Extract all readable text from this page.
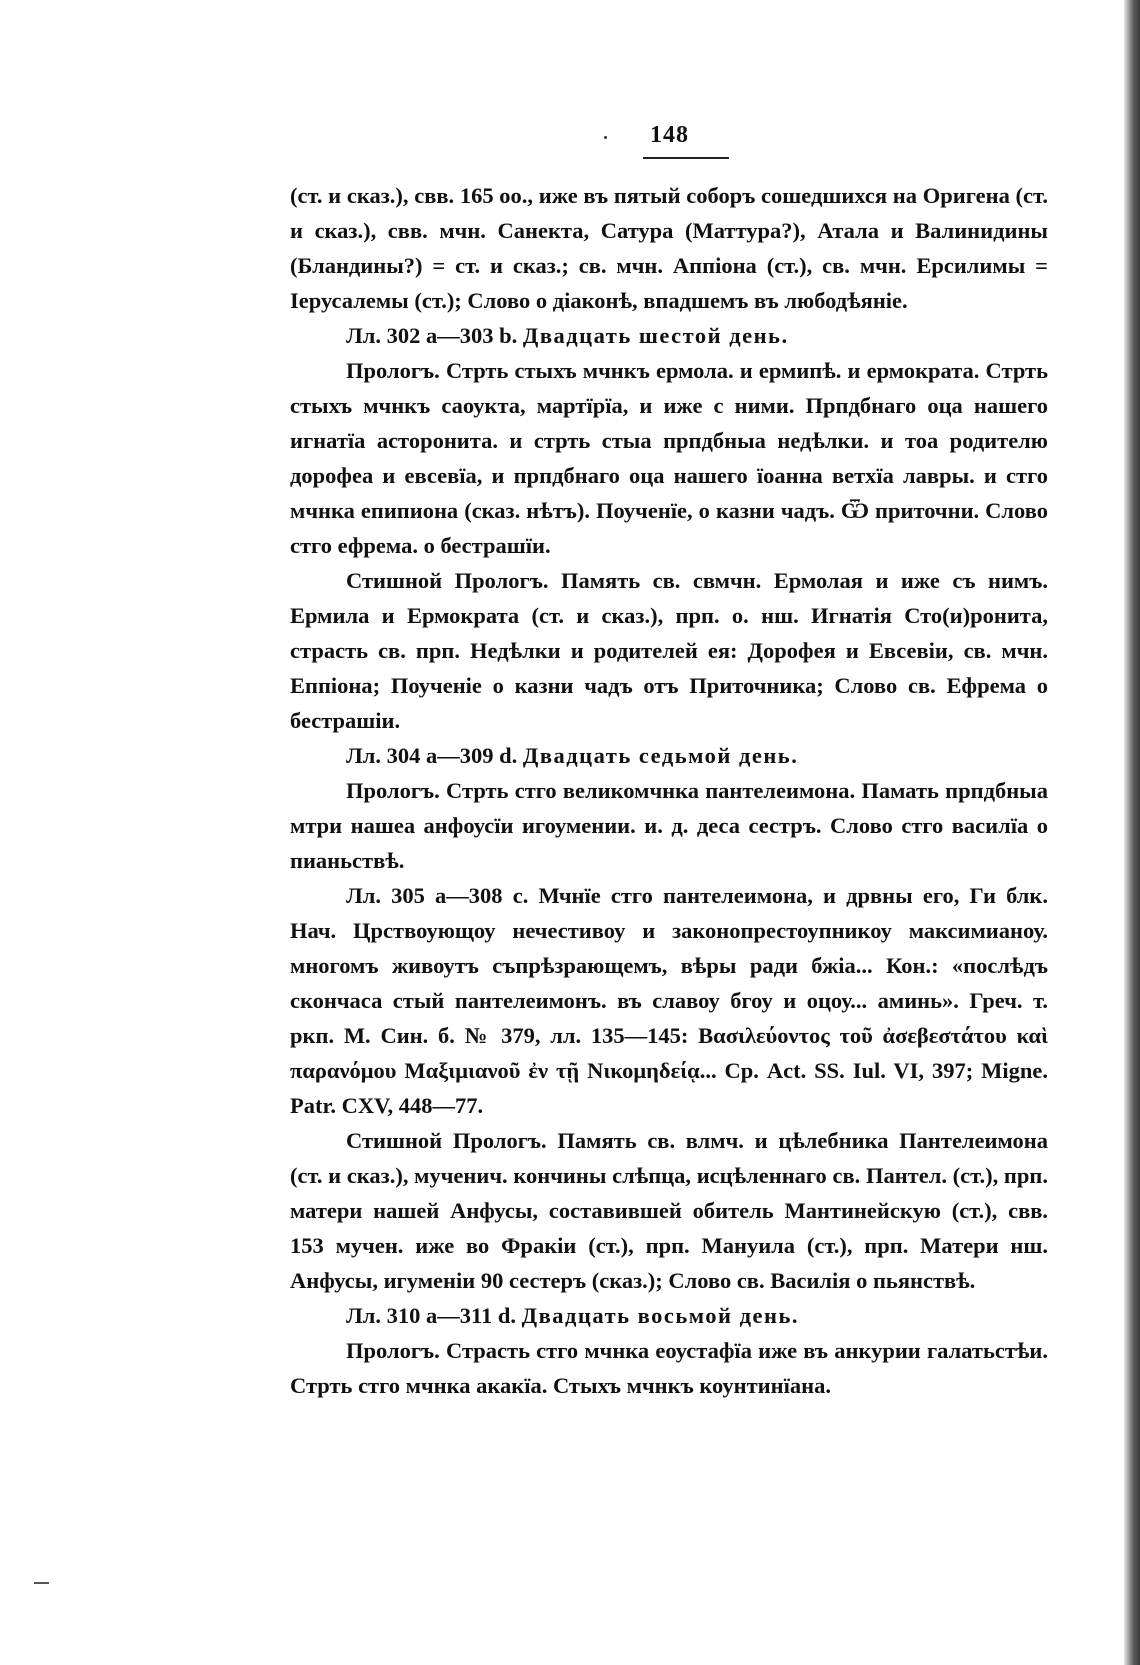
148

(ст. и сказ.), свв. 165 оо., иже въ пятый соборъ сошедшихся на Оригена (ст. и сказ.), свв. мчн. Санекта, Сатура (Маттура?), Атала и Валинидины (Бландины?) = ст. и сказ.; св. мчн. Аппіона (ст.), св. мчн. Ерсилимы = Іерусалемы (ст.); Слово о діаконѣ, впадшемъ въ любодѣяніе.

Лл. 302 а—303 b. Двадцать шестой день.

Прологъ. Стрть стыхъ мчнкъ ермола. и ермипѣ. и ермократа. Стрть стыхъ мчнкъ саоукта, мартїрїа, и иже с ними. Прпдбнаго оца нашего игнатїа асторонита. и стрть стыа прпдбныа недѣлки. и тоа родителю дорофеа и евсевїа, и прпдбнаго оца нашего їоанна ветхїа лавры. и стго мчнка епипиона (сказ. нѣтъ). Поученїе, о казни чадъ. Ѿ приточни. Слово стго ефрема. о бестрашїи.

Стишной Прологъ. Память св. свмчн. Ермолая и иже съ нимъ. Ермила и Ермократа (ст. и сказ.), прп. о. нш. Игнатія Сто(и)ронита, страсть св. прп. Недѣлки и родителей ея: Дорофея и Евсевіи, св. мчн. Еппіона; Поученіе о казни чадъ отъ Приточника; Слово св. Ефрема о бестрашіи.

Лл. 304 а—309 d. Двадцать седьмой день.

Прологъ. Стрть стго великомчнка пантелеимона. Памать прпдбныа мтри нашеа анфоусїи игоумении. и. д. деса сестръ. Слово стго василїа о пианьствѣ.

Лл. 305 а—308 с. Мчнїе стго пантелеимона, и дрвны его, Ги блк. Нач. Црствоующоу нечестивоу и законопрестоупникоу максимианоу. многомъ живоутъ съпрѣзрающемъ, вѣры ради бжіа... Кон.: «послѣдъ скончаса стый пантелеимонъ. въ славоу бгоу и оцоу... аминь». Греч. т. ркп. М. Син. б. № 379, лл. 135—145: Βασιλεύοντος τοῦ ἀσεβεστάτου καὶ παρανόμου Μαξιμιανοῦ ἐν τῇ Νικομηδείᾳ... Ср. Act. SS. Iul. VI, 397; Migne. Patr. CXV, 448—77.

Стишной Прологъ. Память св. влмч. и цѣлебника Пантелеимона (ст. и сказ.), мученич. кончины слѣпца, исцѣленнаго св. Пантел. (ст.), прп. матери нашей Анфусы, составившей обитель Мантинейскую (ст.), свв. 153 мучен. иже во Фракіи (ст.), прп. Мануила (ст.), прп. Матери нш. Анфусы, игуменіи 90 сестеръ (сказ.); Слово св. Василія о пьянствѣ.

Лл. 310 а—311 d. Двадцать восьмой день.

Прологъ. Страсть стго мчнка еоустафїа иже въ анкурии галатьстѣи. Стрть стго мчнка акакїа. Стыхъ мчнкъ коунтинїана.
